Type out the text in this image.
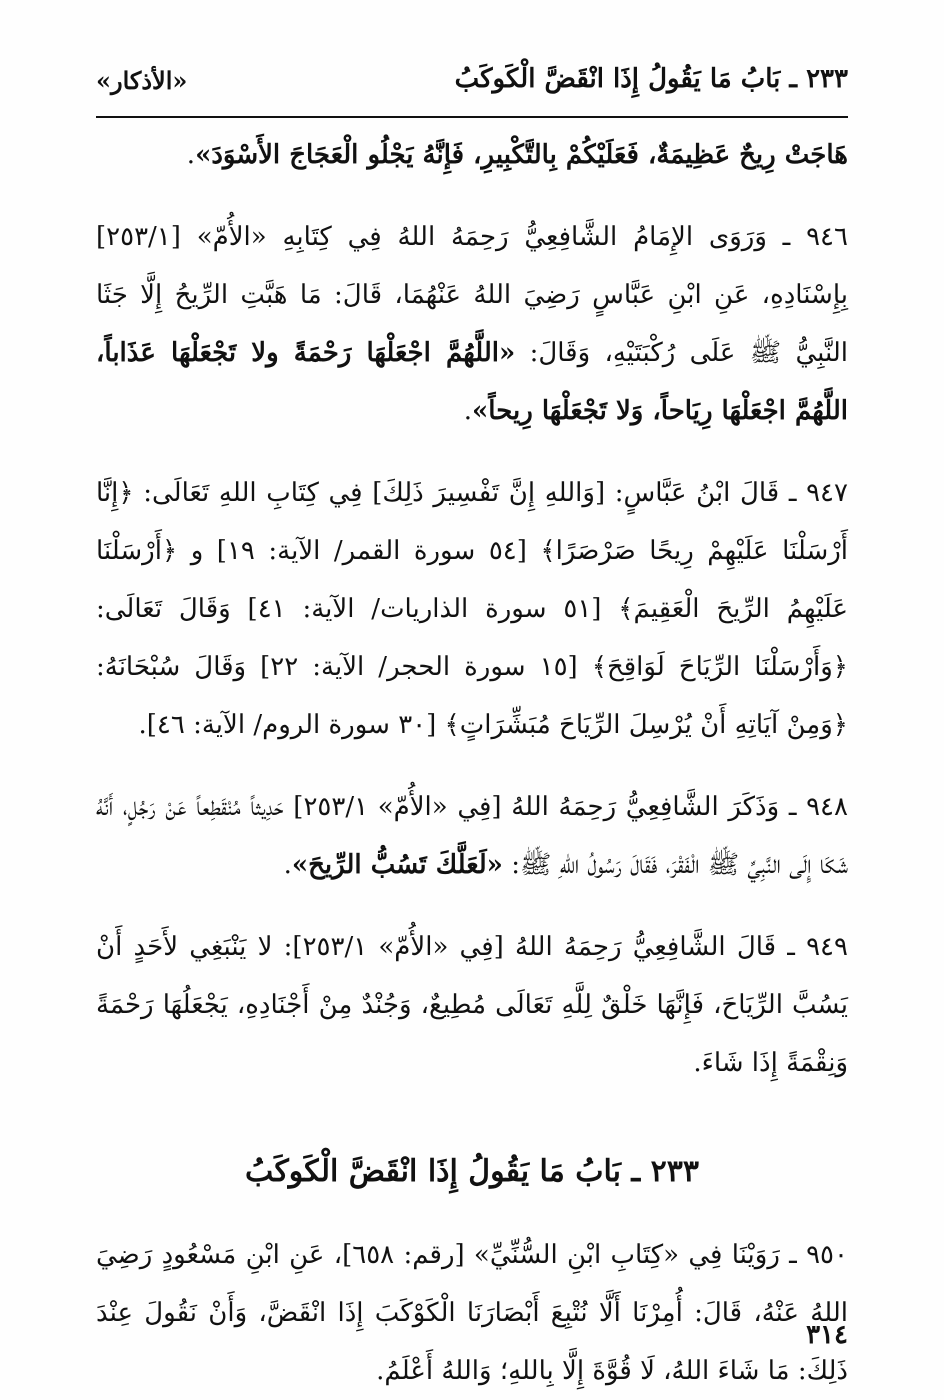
«الأذكار»	٢٣٣ ـ بَابُ مَا يَقُولُ إِذَا انْقَضَّ الْكَوكَبُ

هَاجَتْ رِيحٌ عَظِيمَةٌ، فَعَلَيْكُمْ بِالتَّكْبِيرِ، فَإِنَّهُ يَجْلُو الْعَجَاجَ الأَسْوَدَ».

٩٤٦ ـ وَرَوَى الإِمَامُ الشَّافِعِيُّ رَحِمَهُ اللهُ فِي كِتَابِهِ «الأُمّ» [٢٥٣/١] بِإِسْنَادِهِ، عَنِ ابْنِ عَبَّاسٍ رَضِيَ اللهُ عَنْهُمَا، قَالَ: مَا هَبَّتِ الرِّيحُ إِلَّا جَثَا النَّبِيُّ ﷺ عَلَى رُكْبَتَيْهِ، وَقَالَ: «اللَّهُمَّ اجْعَلْهَا رَحْمَةً ولا تَجْعَلْهَا عَذَاباً، اللَّهُمَّ اجْعَلْهَا رِيَاحاً، وَلا تَجْعَلْهَا رِيحاً».

٩٤٧ ـ قَالَ ابْنُ عَبَّاسٍ: [وَاللهِ إِنَّ تَفْسِيرَ ذَلِكَ] فِي كِتَابِ اللهِ تَعَالَى: ﴿إِنَّا أَرْسَلْنَا عَلَيْهِمْ رِيحًا صَرْصَرًا﴾ [٥٤ سورة القمر/ الآية: ١٩] و ﴿أَرْسَلْنَا عَلَيْهِمُ الرِّيحَ الْعَقِيمَ﴾ [٥١ سورة الذاريات/ الآية: ٤١] وَقَالَ تَعَالَى: ﴿وَأَرْسَلْنَا الرِّيَاحَ لَوَاقِحَ﴾ [١٥ سورة الحجر/ الآية: ٢٢] وَقَالَ سُبْحَانَهُ: ﴿وَمِنْ آيَاتِهِ أَنْ يُرْسِلَ الرِّيَاحَ مُبَشِّرَاتٍ﴾ [٣٠ سورة الروم/ الآية: ٤٦].

٩٤٨ ـ وَذَكَرَ الشَّافِعِيُّ رَحِمَهُ اللهُ [فِي «الأُمّ» ٢٥٣/١] حَدِيثاً مُنْقَطِعاً عَنْ رَجُلٍ، أَنَّهُ شَكَا إِلَى النَّبِيِّ ﷺ الْفَقْرَ، فَقَالَ رَسُولُ اللهِ ﷺ: «لَعَلَّكَ تَسُبُّ الرِّيحَ».

٩٤٩ ـ قَالَ الشَّافِعِيُّ رَحِمَهُ اللهُ [فِي «الأُمّ» ٢٥٣/١]: لا يَنْبَغِي لأَحَدٍ أَنْ يَسُبَّ الرِّيَاحَ، فَإِنَّهَا خَلْقٌ لِلَّهِ تَعَالَى مُطِيعٌ، وَجُنْدٌ مِنْ أَجْنَادِهِ، يَجْعَلُهَا رَحْمَةً وَنِقْمَةً إِذَا شَاءَ.

٢٣٣ ـ بَابُ مَا يَقُولُ إِذَا انْقَضَّ الْكَوكَبُ

٩٥٠ ـ رَوَيْنَا فِي «كِتَابِ ابْنِ السُّنِّيِّ» [رقم: ٦٥٨]، عَنِ ابْنِ مَسْعُودٍ رَضِيَ اللهُ عَنْهُ، قَالَ: أُمِرْنَا أَلَّا نُتْبِعَ أَبْصَارَنَا الْكَوْكَبَ إِذَا انْقَضَّ، وَأَنْ نَقُولَ عِنْدَ ذَلِكَ: مَا شَاءَ اللهُ، لَا قُوَّةَ إِلَّا بِاللهِ؛ وَاللهُ أَعْلَمُ.

٣١٤
